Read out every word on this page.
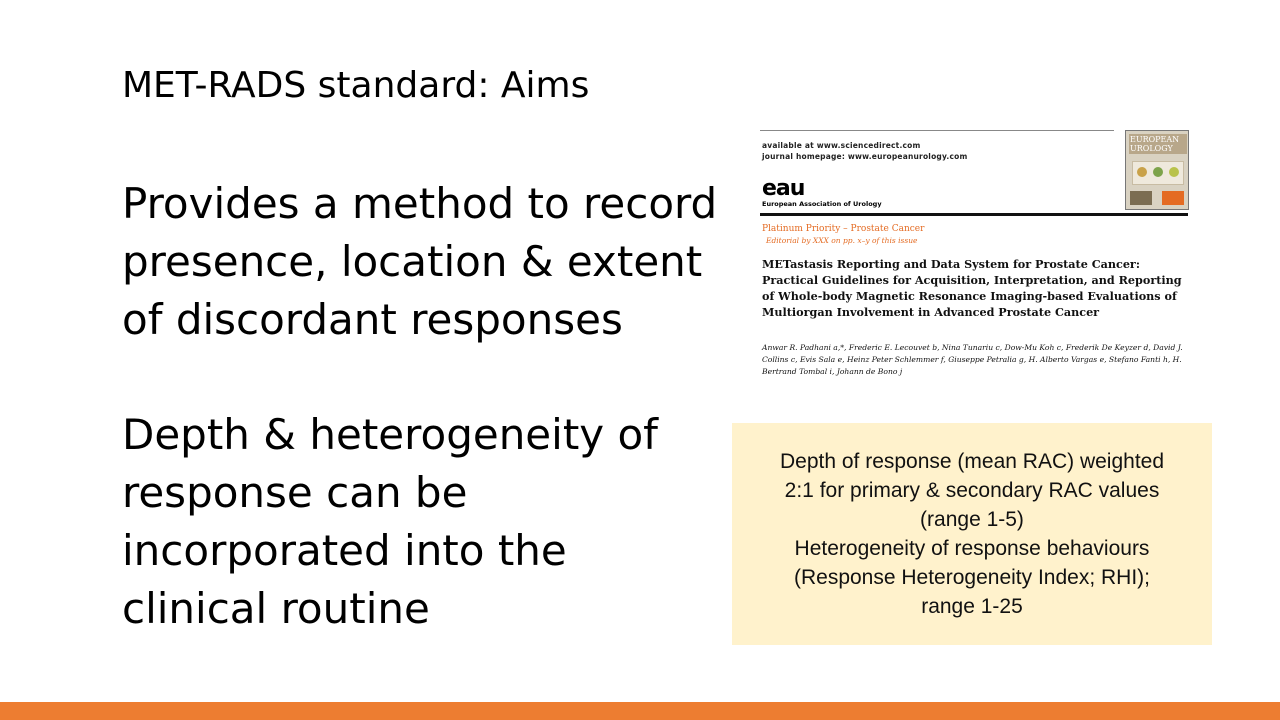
MET-RADS standard: Aims
Provides a method to record presence, location & extent of discordant responses
Depth & heterogeneity of response can be incorporated into the clinical routine
available at www.sciencedirect.com
journal homepage: www.europeanurology.com
eau
European Association of Urology
EUROPEAN UROLOGY
Platinum Priority – Prostate Cancer
Editorial by XXX on pp. x–y of this issue
METastasis Reporting and Data System for Prostate Cancer: Practical Guidelines for Acquisition, Interpretation, and Reporting of Whole-body Magnetic Resonance Imaging-based Evaluations of Multiorgan Involvement in Advanced Prostate Cancer
Anwar R. Padhani a,*, Frederic E. Lecouvet b, Nina Tunariu c, Dow-Mu Koh c, Frederik De Keyzer d, David J. Collins c, Evis Sala e, Heinz Peter Schlemmer f, Giuseppe Petralia g, H. Alberto Vargas e, Stefano Fanti h, H. Bertrand Tombal i, Johann de Bono j
Depth of response (mean RAC) weighted
2:1 for primary & secondary RAC values
(range 1-5)
Heterogeneity of response behaviours
(Response Heterogeneity Index; RHI);
range 1-25
